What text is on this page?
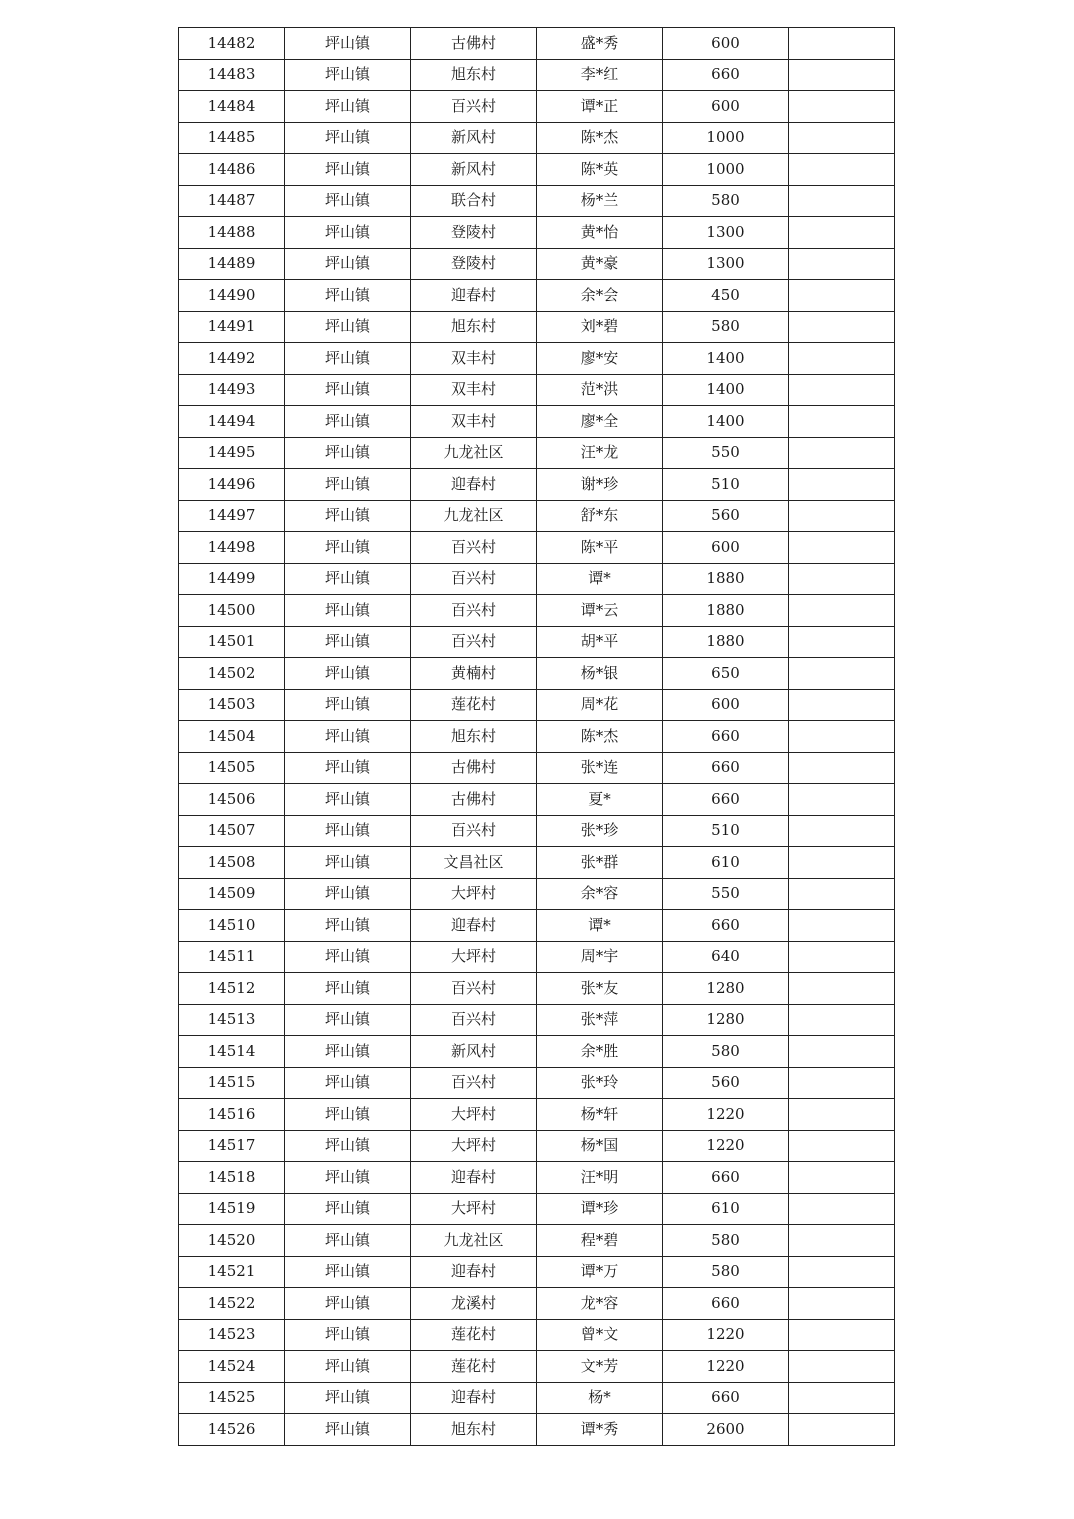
14482	坪山镇	古佛村	盛*秀	600	
14483	坪山镇	旭东村	李*红	660	
14484	坪山镇	百兴村	谭*正	600	
14485	坪山镇	新风村	陈*杰	1000	
14486	坪山镇	新风村	陈*英	1000	
14487	坪山镇	联合村	杨*兰	580	
14488	坪山镇	登陵村	黄*怡	1300	
14489	坪山镇	登陵村	黄*豪	1300	
14490	坪山镇	迎春村	余*会	450	
14491	坪山镇	旭东村	刘*碧	580	
14492	坪山镇	双丰村	廖*安	1400	
14493	坪山镇	双丰村	范*洪	1400	
14494	坪山镇	双丰村	廖*全	1400	
14495	坪山镇	九龙社区	汪*龙	550	
14496	坪山镇	迎春村	谢*珍	510	
14497	坪山镇	九龙社区	舒*东	560	
14498	坪山镇	百兴村	陈*平	600	
14499	坪山镇	百兴村	谭*	1880	
14500	坪山镇	百兴村	谭*云	1880	
14501	坪山镇	百兴村	胡*平	1880	
14502	坪山镇	黄楠村	杨*银	650	
14503	坪山镇	莲花村	周*花	600	
14504	坪山镇	旭东村	陈*杰	660	
14505	坪山镇	古佛村	张*连	660	
14506	坪山镇	古佛村	夏*	660	
14507	坪山镇	百兴村	张*珍	510	
14508	坪山镇	文昌社区	张*群	610	
14509	坪山镇	大坪村	余*容	550	
14510	坪山镇	迎春村	谭*	660	
14511	坪山镇	大坪村	周*宇	640	
14512	坪山镇	百兴村	张*友	1280	
14513	坪山镇	百兴村	张*萍	1280	
14514	坪山镇	新风村	余*胜	580	
14515	坪山镇	百兴村	张*玲	560	
14516	坪山镇	大坪村	杨*轩	1220	
14517	坪山镇	大坪村	杨*国	1220	
14518	坪山镇	迎春村	汪*明	660	
14519	坪山镇	大坪村	谭*珍	610	
14520	坪山镇	九龙社区	程*碧	580	
14521	坪山镇	迎春村	谭*万	580	
14522	坪山镇	龙溪村	龙*容	660	
14523	坪山镇	莲花村	曾*文	1220	
14524	坪山镇	莲花村	文*芳	1220	
14525	坪山镇	迎春村	杨*	660	
14526	坪山镇	旭东村	谭*秀	2600	
